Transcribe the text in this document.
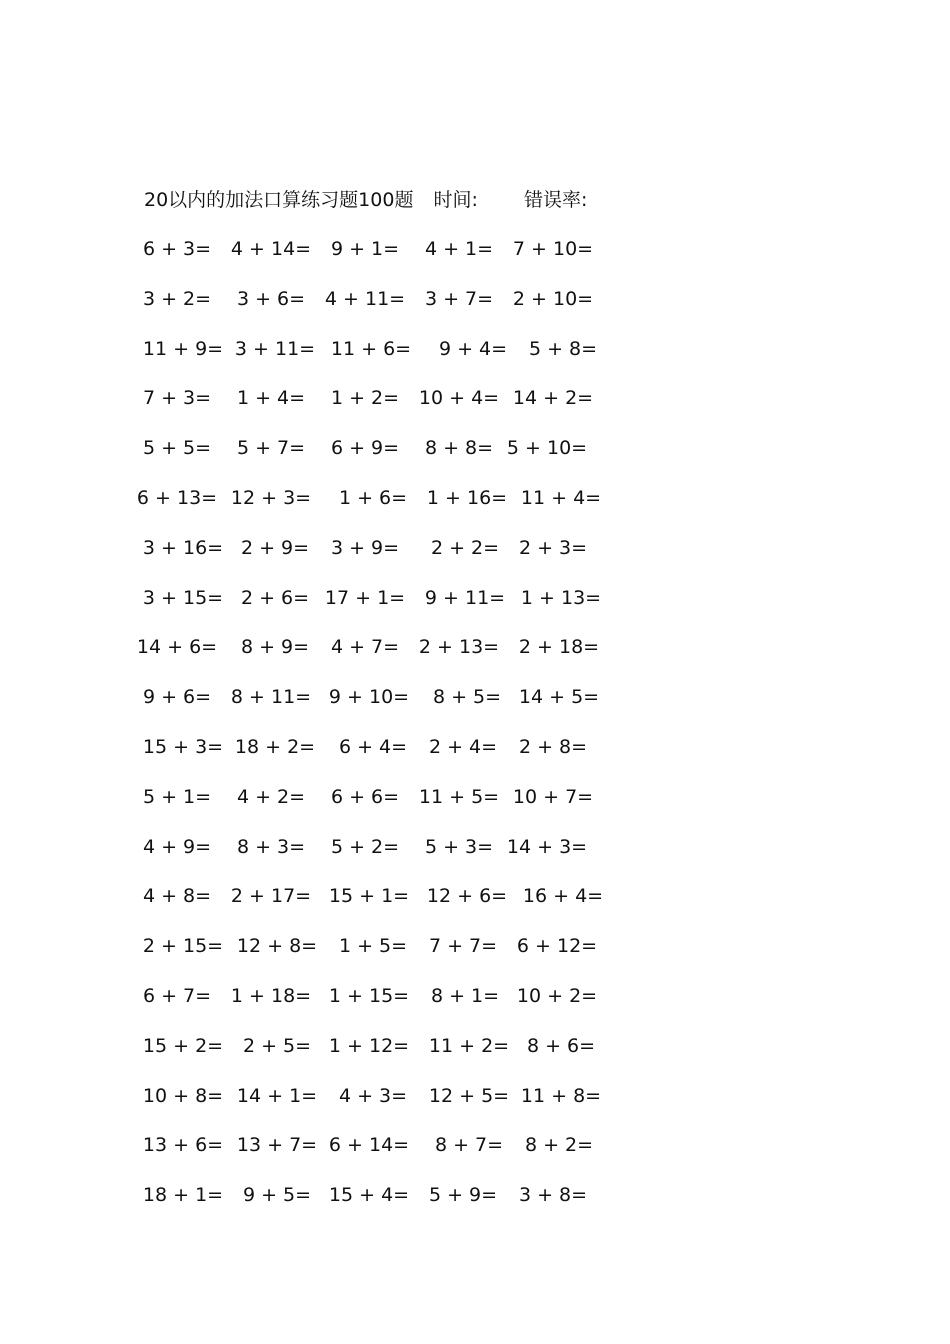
20以内的加法口算练习题100题 时间: 错误率:
6 + 3=	4 + 14=	9 + 1=	4 + 1=	7 + 10=
3 + 2=	3 + 6=	4 + 11=	3 + 7=	2 + 10=
11 + 9= 3 + 11= 11 + 6=	9 + 4=	5 + 8=
7 + 3=	1 + 4=	1 + 2=	10 + 4= 14 + 2=
5 + 5=	5 + 7=	6 + 9=	8 + 8= 5 + 10=
6 + 13= 12 + 3=	1 + 6=	1 + 16= 11 + 4=
3 + 16= 2 + 9=	3 + 9=	2 + 2=	2 + 3=
3 + 15= 2 + 6= 17 + 1=	9 + 11= 1 + 13=
14 + 6=	8 + 9=	4 + 7=	2 + 13=	2 + 18=
9 + 6=	8 + 11= 9 + 10=	8 + 5= 14 + 5=
15 + 3= 18 + 2=	6 + 4=	2 + 4=	2 + 8=
5 + 1=	4 + 2=	6 + 6=	11 + 5= 10 + 7=
4 + 9=	8 + 3=	5 + 2=	5 + 3= 14 + 3=
4 + 8=	2 + 17= 15 + 1= 12 + 6= 16 + 4=
2 + 15= 12 + 8=	1 + 5=	7 + 7=	6 + 12=
6 + 7=	1 + 18= 1 + 15=	8 + 1= 10 + 2=
15 + 2=	2 + 5= 1 + 12=	11 + 2= 8 + 6=
10 + 8= 14 + 1=	4 + 3=	12 + 5= 11 + 8=
13 + 6= 13 + 7= 6 + 14=	8 + 7=	8 + 2=
18 + 1=	9 + 5= 15 + 4=	5 + 9=	3 + 8=
